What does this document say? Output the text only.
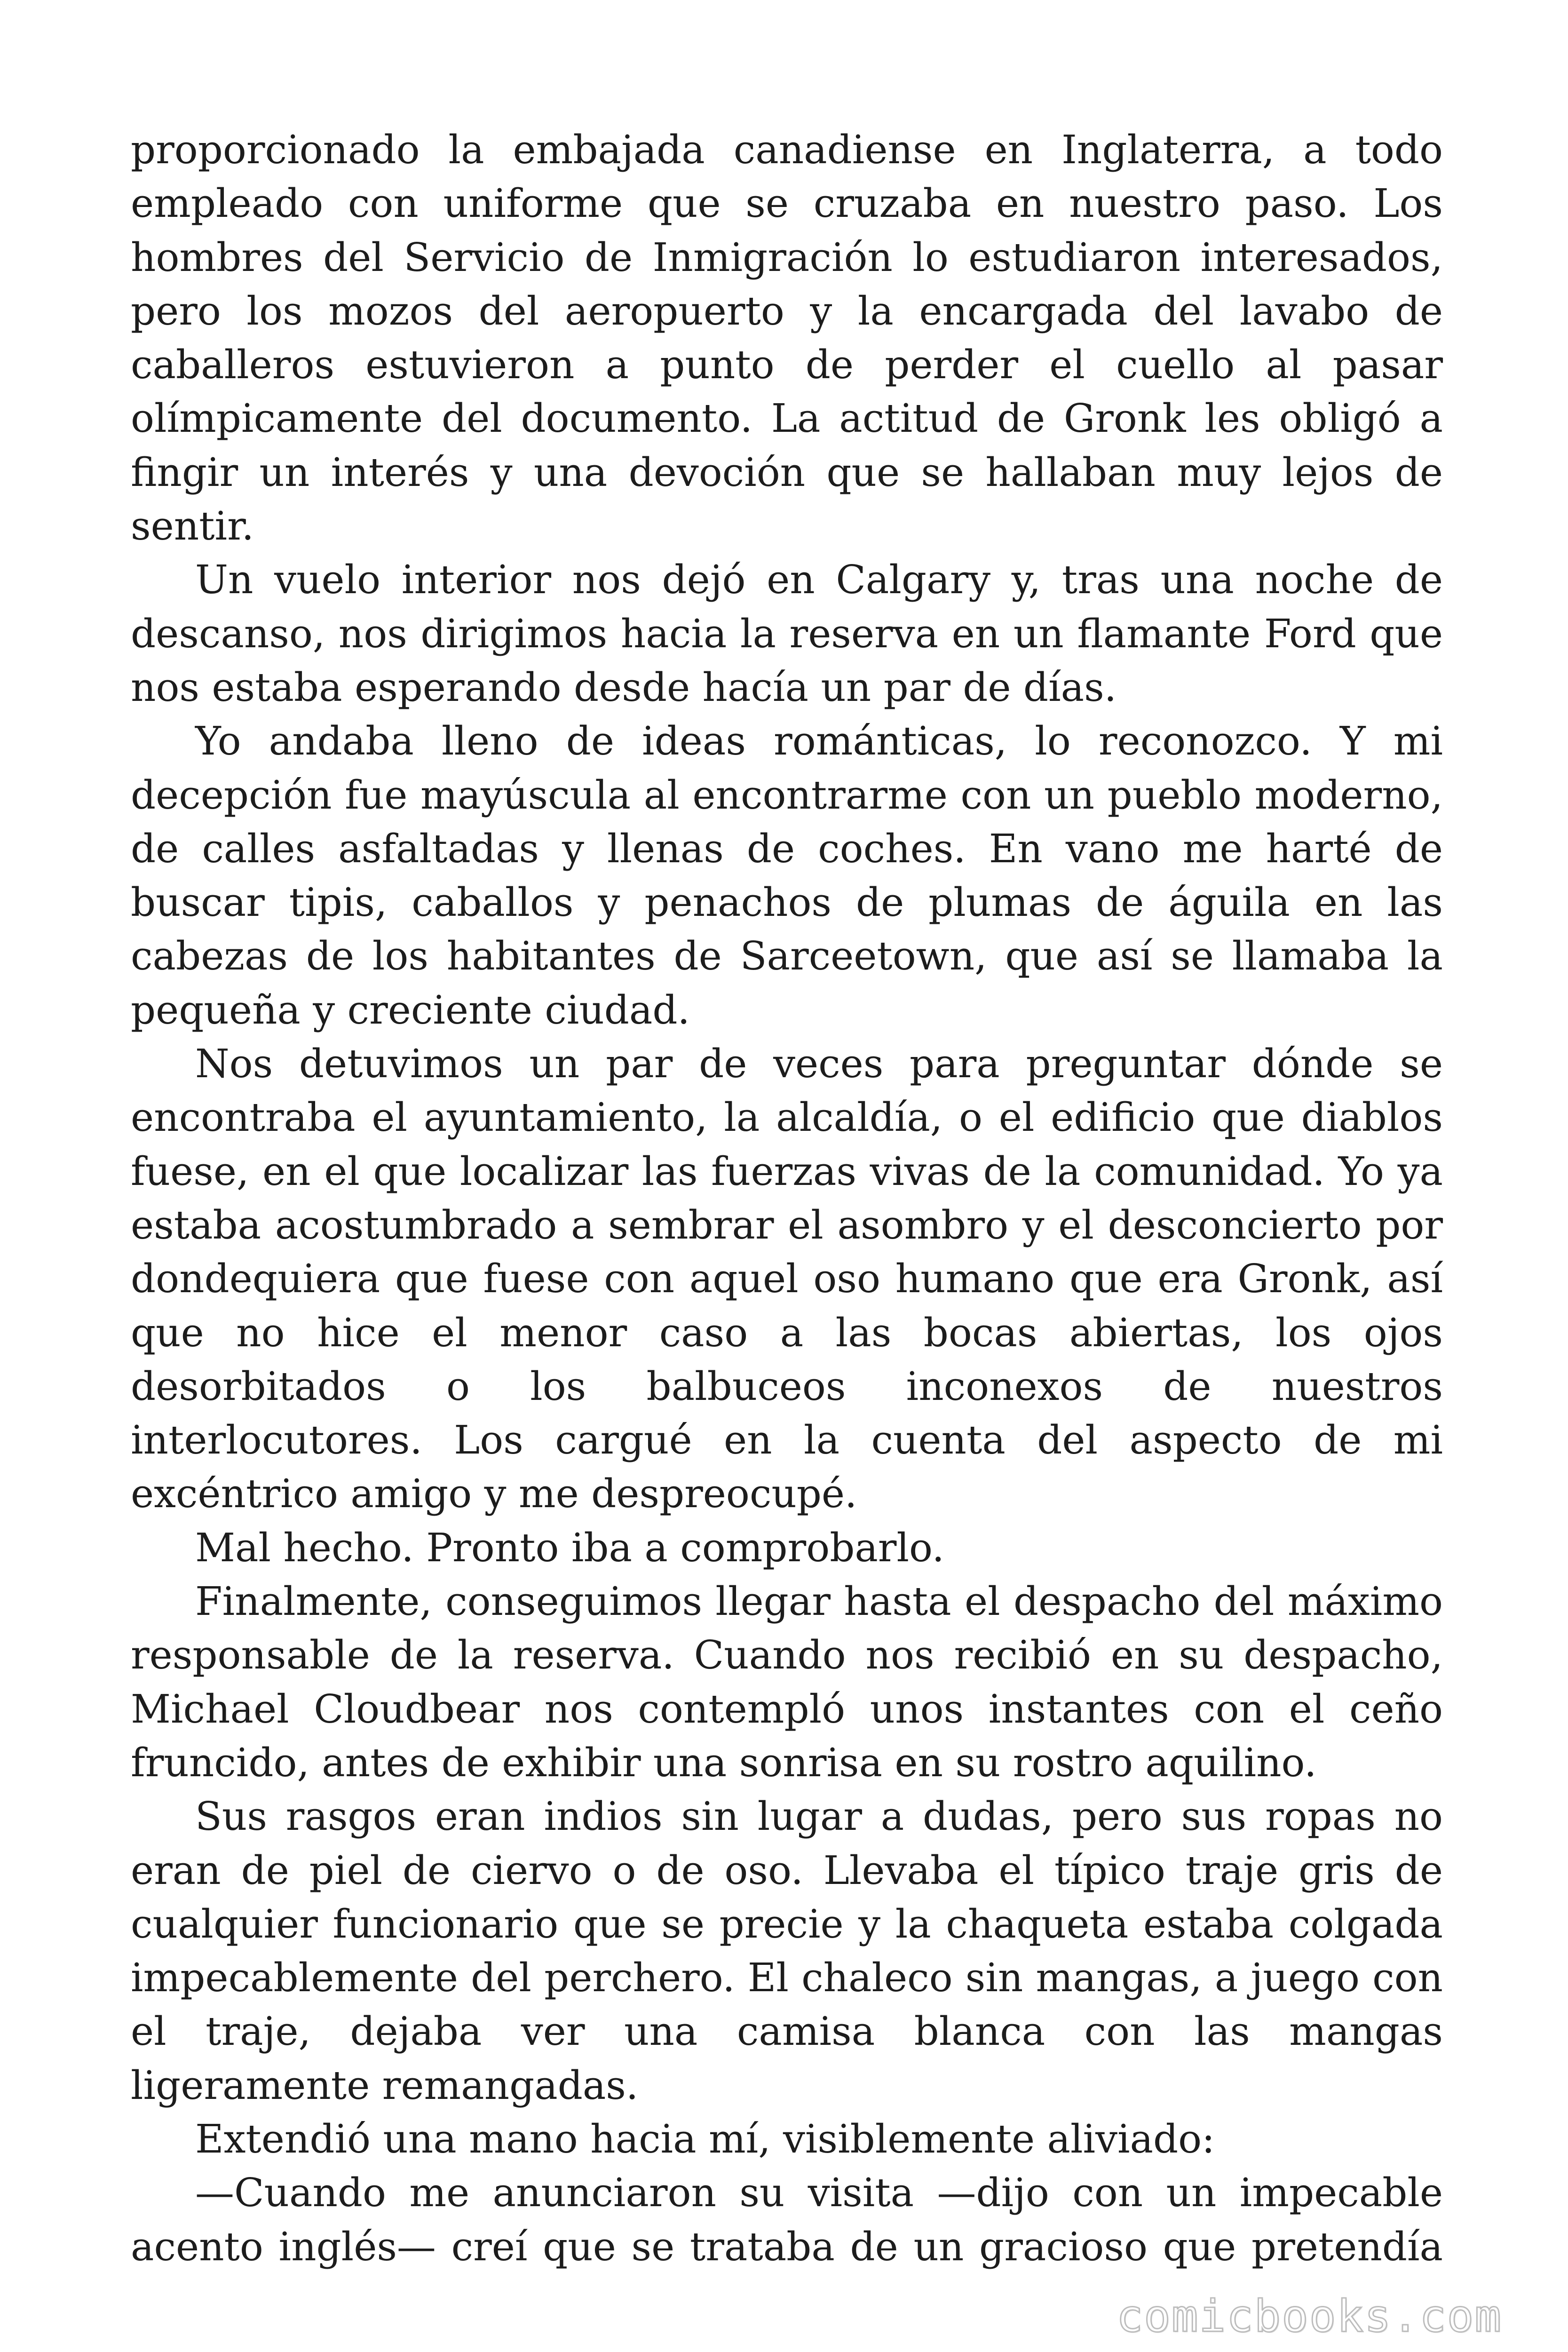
proporcionado la embajada canadiense en Inglaterra, a todo empleado con uniforme que se cruzaba en nuestro paso. Los hombres del Servicio de Inmigración lo estudiaron interesados, pero los mozos del aeropuerto y la encargada del lavabo de caballeros estuvieron a punto de perder el cuello al pasar olímpicamente del documento. La actitud de Gronk les obligó a fingir un interés y una devoción que se hallaban muy lejos de sentir.

Un vuelo interior nos dejó en Calgary y, tras una noche de descanso, nos dirigimos hacia la reserva en un flamante Ford que nos estaba esperando desde hacía un par de días.

Yo andaba lleno de ideas románticas, lo reconozco. Y mi decepción fue mayúscula al encontrarme con un pueblo moderno, de calles asfaltadas y llenas de coches. En vano me harté de buscar tipis, caballos y penachos de plumas de águila en las cabezas de los habitantes de Sarceetown, que así se llamaba la pequeña y creciente ciudad.

Nos detuvimos un par de veces para preguntar dónde se encontraba el ayuntamiento, la alcaldía, o el edificio que diablos fuese, en el que localizar las fuerzas vivas de la comunidad. Yo ya estaba acostumbrado a sembrar el asombro y el desconcierto por dondequiera que fuese con aquel oso humano que era Gronk, así que no hice el menor caso a las bocas abiertas, los ojos desorbitados o los balbuceos inconexos de nuestros interlocutores. Los cargué en la cuenta del aspecto de mi excéntrico amigo y me despreocupé.

Mal hecho. Pronto iba a comprobarlo.

Finalmente, conseguimos llegar hasta el despacho del máximo responsable de la reserva. Cuando nos recibió en su despacho, Michael Cloudbear nos contempló unos instantes con el ceño fruncido, antes de exhibir una sonrisa en su rostro aquilino.

Sus rasgos eran indios sin lugar a dudas, pero sus ropas no eran de piel de ciervo o de oso. Llevaba el típico traje gris de cualquier funcionario que se precie y la chaqueta estaba colgada impecablemente del perchero. El chaleco sin mangas, a juego con el traje, dejaba ver una camisa blanca con las mangas ligeramente remangadas.

Extendió una mano hacia mí, visiblemente aliviado:

—Cuando me anunciaron su visita —dijo con un impecable acento inglés— creí que se trataba de un gracioso que pretendía

comicbooks.com
